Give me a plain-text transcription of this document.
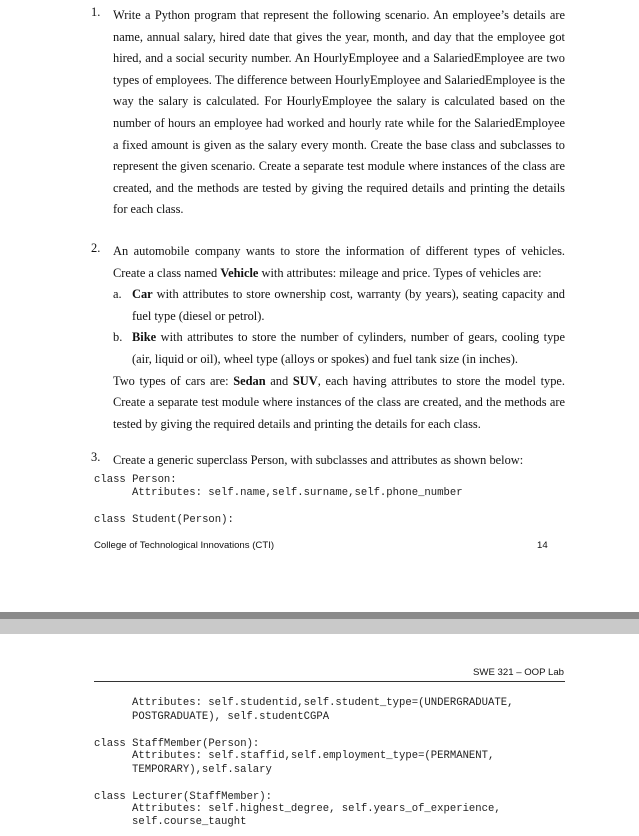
1. Write a Python program that represent the following scenario. An employee’s details are name, annual salary, hired date that gives the year, month, and day that the employee got hired, and a social security number. An HourlyEmployee and a SalariedEmployee are two types of employees. The difference between HourlyEmployee and SalariedEmployee is the way the salary is calculated. For HourlyEmployee the salary is calculated based on the number of hours an employee had worked and hourly rate while for the SalariedEmployee a fixed amount is given as the salary every month. Create the base class and subclasses to represent the given scenario. Create a separate test module where instances of the class are created, and the methods are tested by giving the required details and printing the details for each class.
2. An automobile company wants to store the information of different types of vehicles. Create a class named Vehicle with attributes: mileage and price. Types of vehicles are:
a. Car with attributes to store ownership cost, warranty (by years), seating capacity and fuel type (diesel or petrol).
b. Bike with attributes to store the number of cylinders, number of gears, cooling type (air, liquid or oil), wheel type (alloys or spokes) and fuel tank size (in inches).
Two types of cars are: Sedan and SUV, each having attributes to store the model type. Create a separate test module where instances of the class are created, and the methods are tested by giving the required details and printing the details for each class.
3. Create a generic superclass Person, with subclasses and attributes as shown below:
class Person:
Attributes: self.name,self.surname,self.phone_number
class Student(Person):
College of Technological Innovations (CTI)	14
SWE 321 – OOP Lab
Attributes: self.studentid,self.student_type=(UNDERGRADUATE,
POSTGRADUATE), self.studentCGPA
class StaffMember(Person):
Attributes: self.staffid,self.employment_type=(PERMANENT,
TEMPORARY),self.salary
class Lecturer(StaffMember):
Attributes: self.highest_degree, self.years_of_experience,
self.course_taught
